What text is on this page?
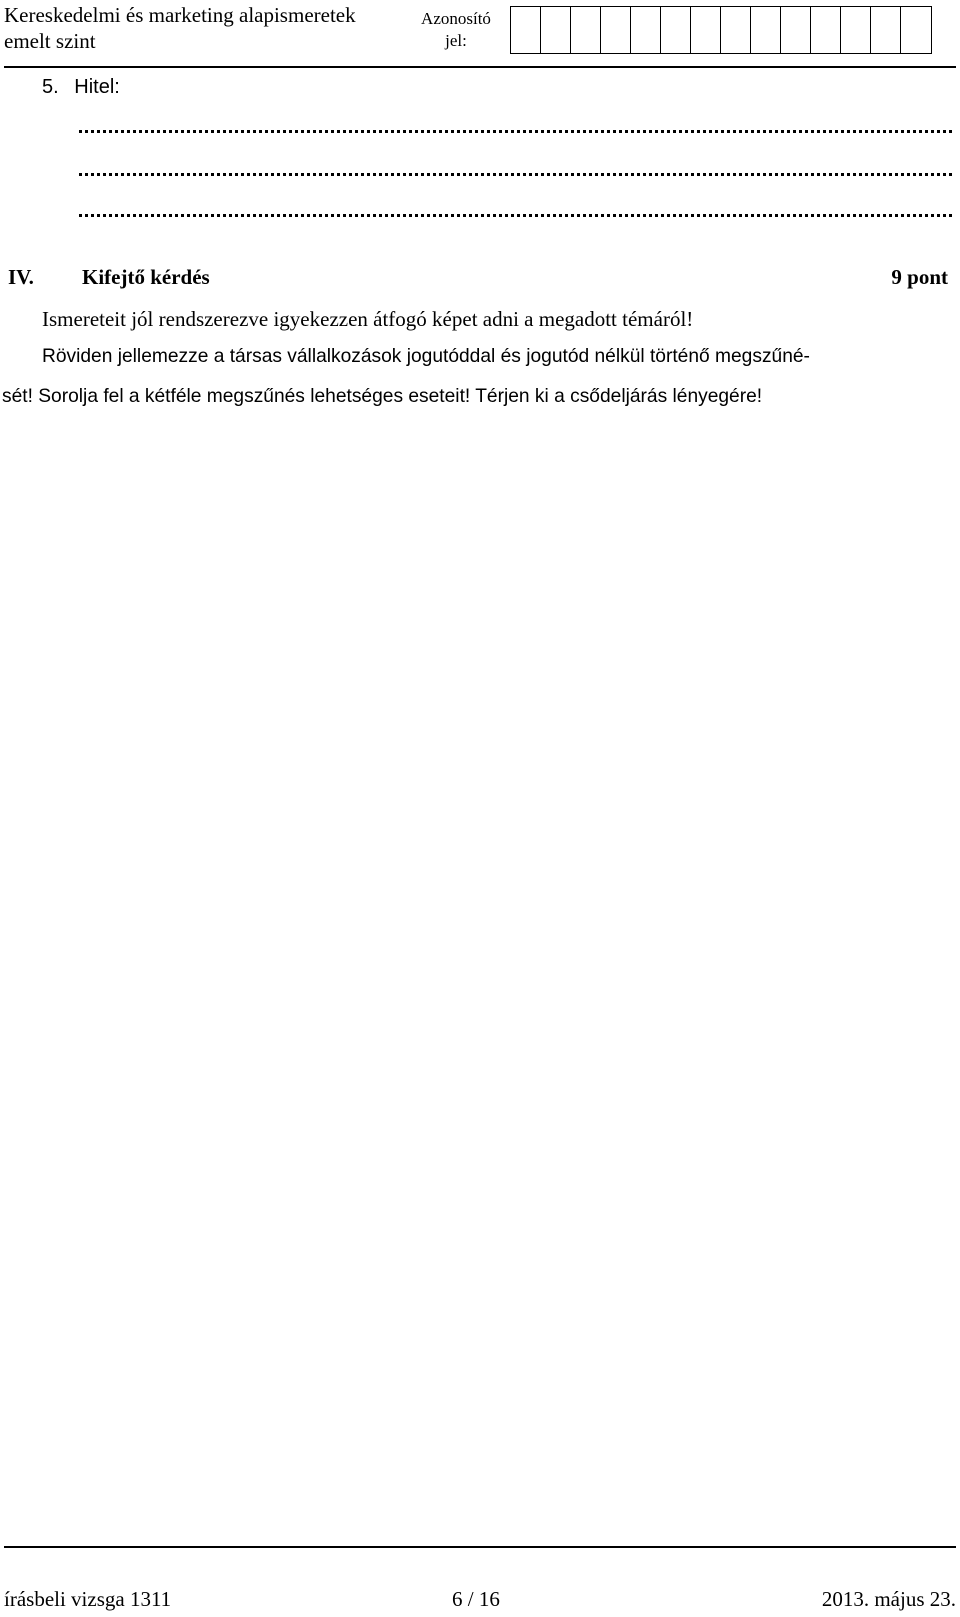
Kereskedelmi és marketing alapismeretek
emelt szint
Azonosító
jel:
5. Hitel:
IV. Kifejtő kérdés	9 pont
Ismereteit jól rendszerezve igyekezzen átfogó képet adni a megadott témáról!
Röviden jellemezze a társas vállalkozások jogutóddal és jogutód nélkül történő megszűné-
sét! Sorolja fel a kétféle megszűnés lehetséges eseteit! Térjen ki a csődeljárás lényegére!
írásbeli vizsga 1311	6 / 16	2013. május 23.
